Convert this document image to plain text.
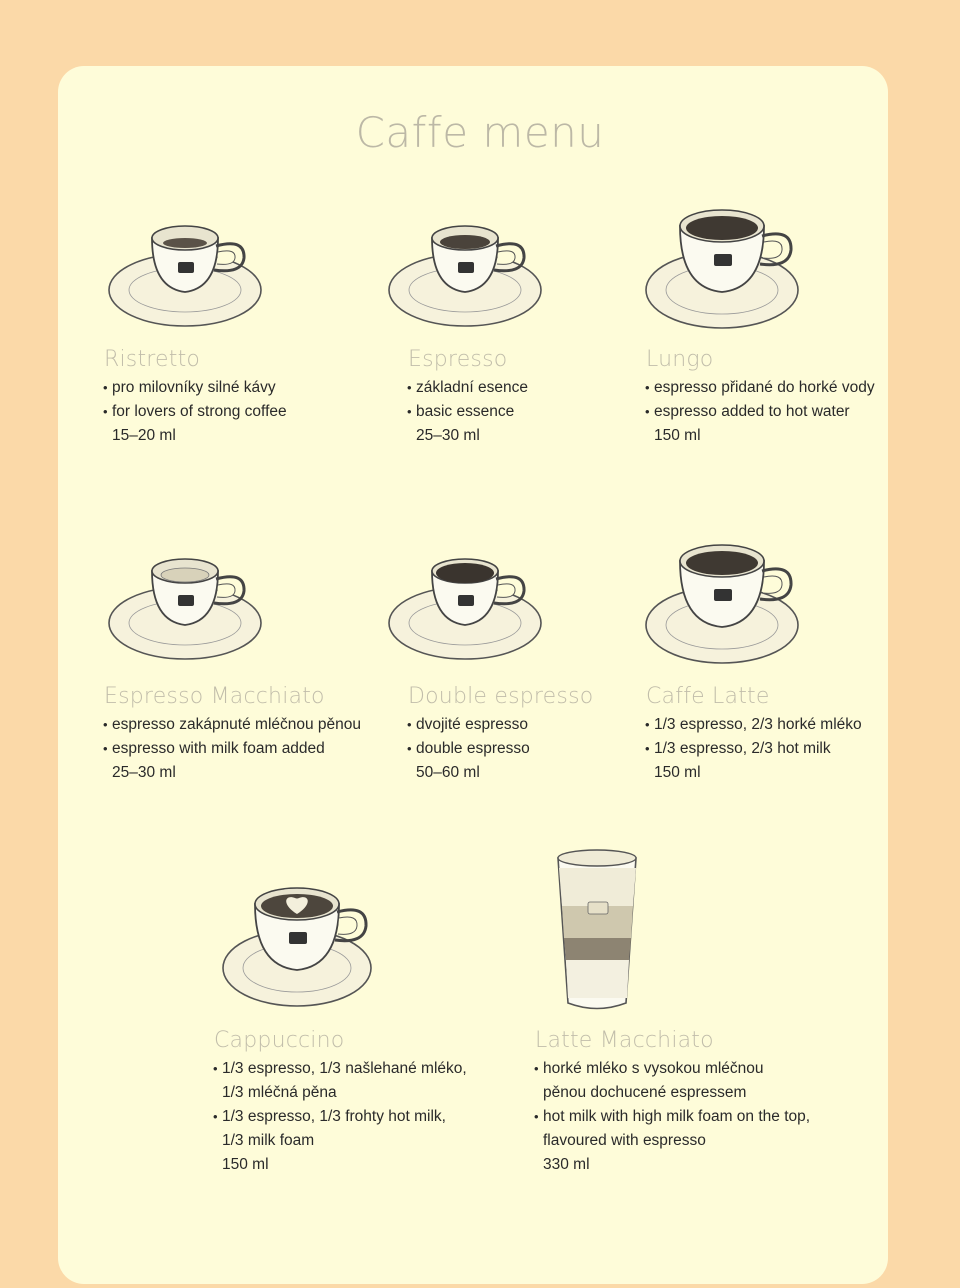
Caffe menu
Ristretto
• pro milovníky silné kávy
• for lovers of strong coffee
15–20 ml
Espresso
• základní esence
• basic essence
25–30 ml
Lungo
• espresso přidané do horké vody
• espresso added to hot water
150 ml
Espresso Macchiato
• espresso zakápnuté mléčnou pěnou
• espresso with milk foam added
25–30 ml
Double espresso
• dvojité espresso
• double espresso
50–60 ml
Caffe Latte
• 1/3 espresso, 2/3 horké mléko
• 1/3 espresso, 2/3 hot milk
150 ml
Cappuccino
• 1/3 espresso, 1/3 našlehané mléko,
1/3 mléčná pěna
• 1/3 espresso, 1/3 frohty hot milk,
1/3 milk foam
150 ml
Latte Macchiato
• horké mléko s vysokou mléčnou
pěnou dochucené espressem
• hot milk with high milk foam on the top,
flavoured with espresso
330 ml
